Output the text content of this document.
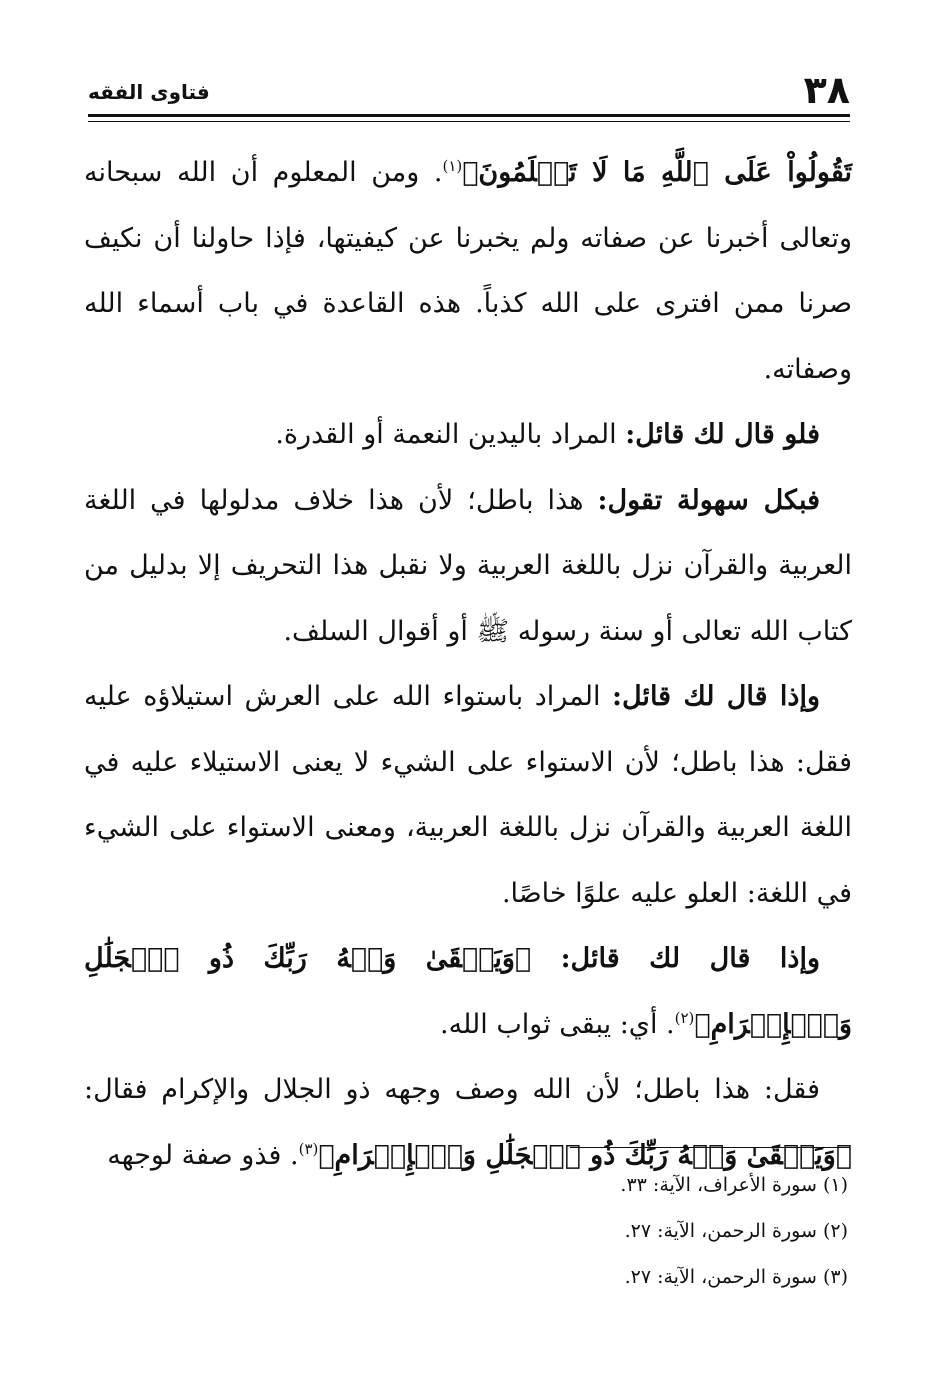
فتاوى الفقه	٣٨

تَقُولُواْ عَلَى ٱللَّهِ مَا لَا تَعۡلَمُونَ﴾$^{(١)}$. ومن المعلوم أن الله سبحانه وتعالى أخبرنا عن صفاته ولم يخبرنا عن كيفيتها، فإذا حاولنا أن نكيف صرنا ممن افترى على الله كذباً. هذه القاعدة في باب أسماء الله وصفاته.

فلو قال لك قائل: المراد باليدين النعمة أو القدرة.

فبكل سهولة تقول: هذا باطل؛ لأن هذا خلاف مدلولها في اللغة العربية والقرآن نزل باللغة العربية ولا نقبل هذا التحريف إلا بدليل من كتاب الله تعالى أو سنة رسوله ﷺ أو أقوال السلف.

وإذا قال لك قائل: المراد باستواء الله على العرش استيلاؤه عليه فقل: هذا باطل؛ لأن الاستواء على الشيء لا يعنى الاستيلاء عليه في اللغة العربية والقرآن نزل باللغة العربية، ومعنى الاستواء على الشيء في اللغة: العلو عليه علوًا خاصًا.

وإذا قال لك قائل: ﴿وَيَبۡقَىٰ وَجۡهُ رَبِّكَ ذُو ٱلۡجَلَٰلِ وَٱلۡإِكۡرَامِ﴾$^{(٢)}$. أي: يبقى ثواب الله.

فقل: هذا باطل؛ لأن الله وصف وجهه ذو الجلال والإكرام فقال: ﴿وَيَبۡقَىٰ وَجۡهُ رَبِّكَ ذُو ٱلۡجَلَٰلِ وَٱلۡإِكۡرَامِ﴾$^{(٣)}$. فذو صفة لوجهه

(١) سورة الأعراف، الآية: ٣٣.

(٢) سورة الرحمن، الآية: ٢٧.

(٣) سورة الرحمن، الآية: ٢٧.
